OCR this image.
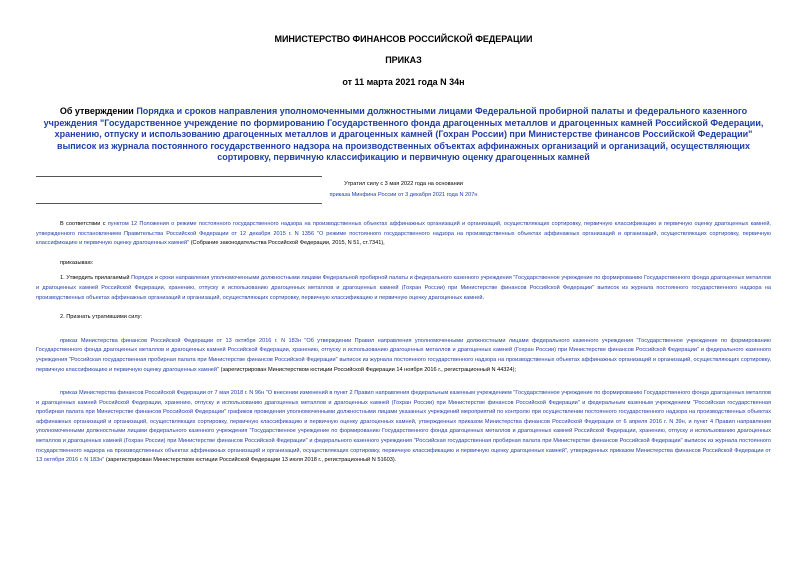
МИНИСТЕРСТВО ФИНАНСОВ РОССИЙСКОЙ ФЕДЕРАЦИИ
ПРИКАЗ
от 11 марта 2021 года N 34н
Об утверждении Порядка и сроков направления уполномоченными должностными лицами Федеральной пробирной палаты и федерального казенного учреждения "Государственное учреждение по формированию Государственного фонда драгоценных металлов и драгоценных камней Российской Федерации, хранению, отпуску и использованию драгоценных металлов и драгоценных камней (Гохран России) при Министерстве финансов Российской Федерации" выписок из журнала постоянного государственного надзора на производственных объектах аффинажных организаций и организаций, осуществляющих сортировку, первичную классификацию и первичную оценку драгоценных камней
Утратил силу с 3 мая 2022 года на основании
приказа Минфина России от 3 декабря 2021 года N 207н

В соответствии с пунктом 12 Положения о режиме постоянного государственного надзора на производственных объектах аффинажных организаций и организаций, осуществляющих сортировку, первичную классификацию и первичную оценку драгоценных камней, утвержденного постановлением Правительства Российской Федерации от 12 декабря 2015 г. N 1356 "О режиме постоянного государственного надзора на производственных объектах аффинажных организаций и организаций, осуществляющих сортировку, первичную классификацию и первичную оценку драгоценных камней" (Собрание законодательства Российской Федерации, 2015, N 51, ст.7341),

приказываю:

1. Утвердить прилагаемый Порядок и сроки направления уполномоченными должностными лицами Федеральной пробирной палаты и федерального казенного учреждения "Государственное учреждение по формированию Государственного фонда драгоценных металлов и драгоценных камней Российской Федерации, хранению, отпуску и использованию драгоценных металлов и драгоценных камней (Гохран России) при Министерстве финансов Российской Федерации" выписок из журнала постоянного государственного надзора на производственных объектах аффинажных организаций и организаций, осуществляющих сортировку, первичную классификацию и первичную оценку драгоценных камней.

2. Признать утратившими силу:

приказ Министерства финансов Российской Федерации от 13 октября 2016 г. N 183н "Об утверждении Правил направления уполномоченными должностными лицами федерального казенного учреждения "Государственное учреждение по формированию Государственного фонда драгоценных металлов и драгоценных камней Российской Федерации, хранению, отпуску и использованию драгоценных металлов и драгоценных камней (Гохран России) при Министерстве финансов Российской Федерации" и федерального казенного учреждения "Российская государственная пробирная палата при Министерстве финансов Российской Федерации" выписок из журнала постоянного государственного надзора на производственных объектах аффинажных организаций и организаций, осуществляющих сортировку, первичную классификацию и первичную оценку драгоценных камней" (зарегистрирован Министерством юстиции Российской Федерации 14 ноября 2016 г., регистрационный N 44324);

приказ Министерства финансов Российской Федерации от 7 мая 2018 г. N 96н "О внесении изменений в пункт 2 Правил направления федеральным казенным учреждением "Государственное учреждение по формированию Государственного фонда драгоценных металлов и драгоценных камней Российской Федерации, хранению, отпуску и использованию драгоценных металлов и драгоценных камней (Гохран России) при Министерстве финансов Российской Федерации" и федеральным казенным учреждением "Российская государственная пробирная палата при Министерстве финансов Российской Федерации" графиков проведения уполномоченными должностными лицами указанных учреждений мероприятий по контролю при осуществлении постоянного государственного надзора на производственных объектах аффинажных организаций и организаций, осуществляющих сортировку, первичную классификацию и первичную оценку драгоценных камней, утвержденных приказом Министерства финансов Российской Федерации от 6 апреля 2016 г. N 39н, и пункт 4 Правил направления уполномоченными должностными лицами федерального казенного учреждения "Государственное учреждение по формированию Государственного фонда драгоценных металлов и драгоценных камней Российской Федерации, хранению, отпуску и использованию драгоценных металлов и драгоценных камней (Гохран России) при Министерстве финансов Российской Федерации" и федерального казенного учреждения "Российская государственная пробирная палата при Министерстве финансов Российской Федерации" выписок из журнала постоянного государственного надзора на производственных объектах аффинажных организаций и организаций, осуществляющих сортировку, первичную классификацию и первичную оценку драгоценных камней", утвержденных приказом Министерства финансов Российской Федерации от 13 октября 2016 г. N 183н" (зарегистрирован Министерством юстиции Российской Федерации 13 июля 2018 г., регистрационный N 51603).
